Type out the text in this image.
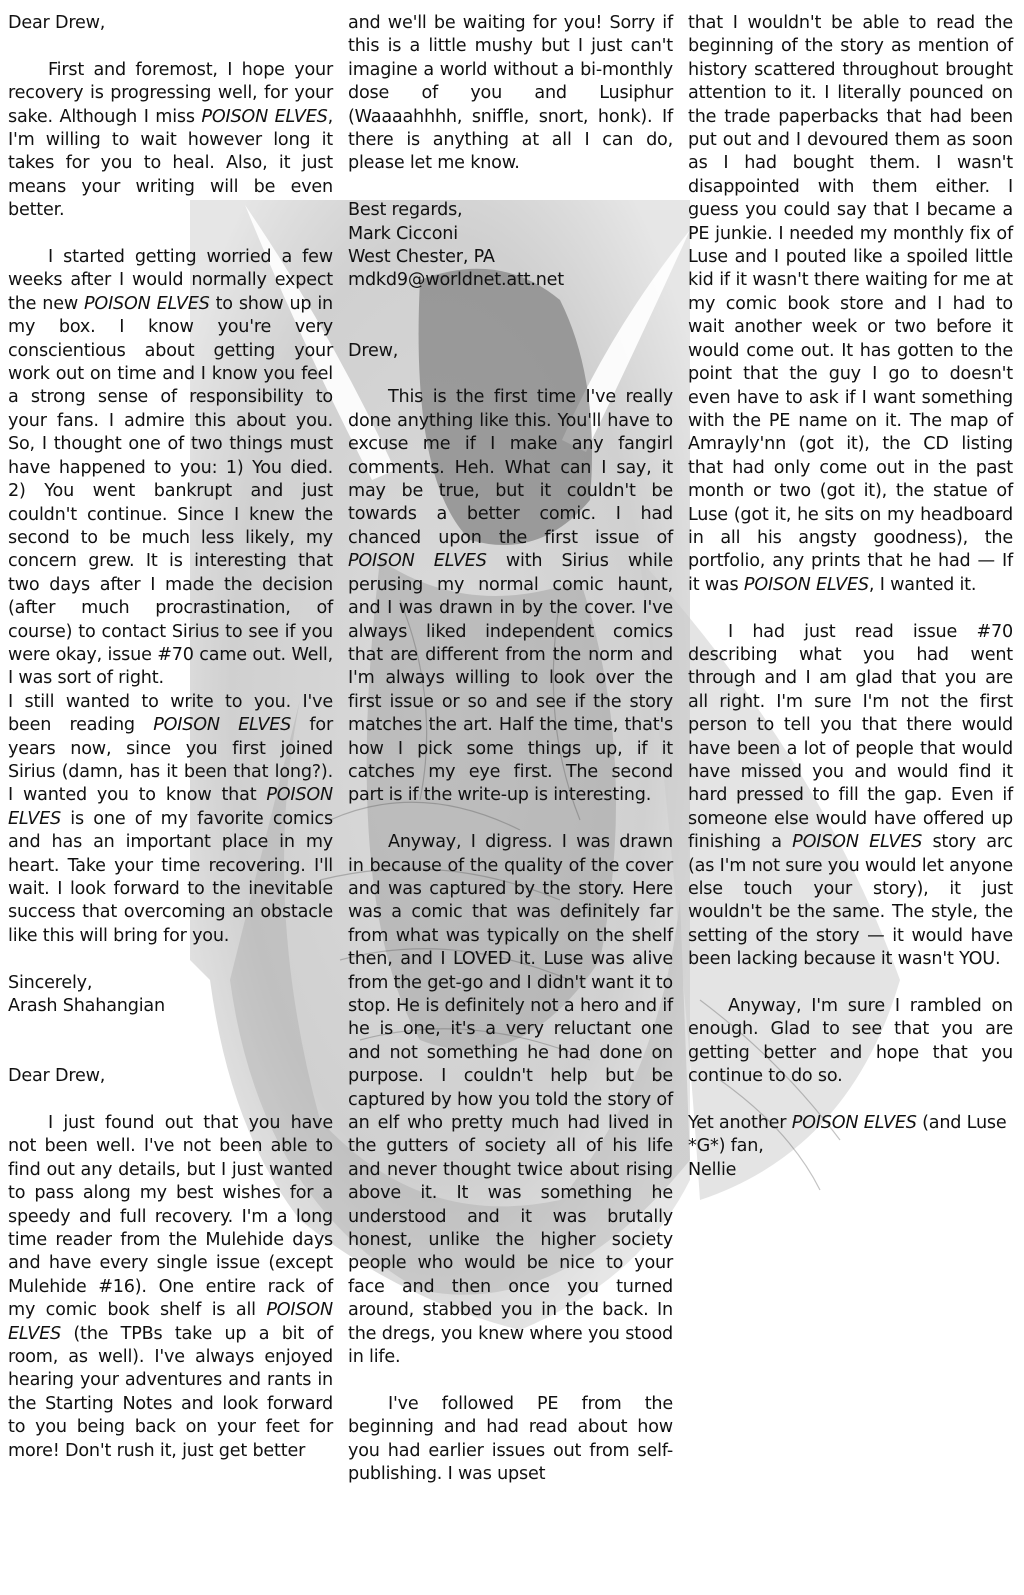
Dear Drew,

First and foremost, I hope your recovery is progressing well, for your sake. Although I miss POISON ELVES, I'm willing to wait however long it takes for you to heal. Also, it just means your writing will be even better.

I started getting worried a few weeks after I would normally expect the new POISON ELVES to show up in my box. I know you're very conscientious about getting your work out on time and I know you feel a strong sense of responsibility to your fans. I admire this about you. So, I thought one of two things must have happened to you: 1) You died. 2) You went bankrupt and just couldn't continue. Since I knew the second to be much less likely, my concern grew. It is interesting that two days after I made the decision (after much procrastination, of course) to contact Sirius to see if you were okay, issue #70 came out. Well, I was sort of right.

I still wanted to write to you. I've been reading POISON ELVES for years now, since you first joined Sirius (damn, has it been that long?). I wanted you to know that POISON ELVES is one of my favorite comics and has an important place in my heart. Take your time recovering. I'll wait. I look forward to the inevitable success that overcoming an obstacle like this will bring for you.

Sincerely,

Arash Shahangian

Dear Drew,

I just found out that you have not been well. I've not been able to find out any details, but I just wanted to pass along my best wishes for a speedy and full recovery. I'm a long time reader from the Mulehide days and have every single issue (except Mulehide #16). One entire rack of my comic book shelf is all POISON ELVES (the TPBs take up a bit of room, as well). I've always enjoyed hearing your adventures and rants in the Starting Notes and look forward to you being back on your feet for more! Don't rush it, just get better

and we'll be waiting for you! Sorry if this is a little mushy but I just can't imagine a world without a bi-monthly dose of you and Lusiphur (Waaaahhhh, sniffle, snort, honk). If there is anything at all I can do, please let me know.

Best regards,

Mark Cicconi

West Chester, PA

mdkd9@worldnet.att.net

Drew,

This is the first time I've really done anything like this. You'll have to excuse me if I make any fangirl comments. Heh. What can I say, it may be true, but it couldn't be towards a better comic. I had chanced upon the first issue of POISON ELVES with Sirius while perusing my normal comic haunt, and I was drawn in by the cover. I've always liked independent comics that are different from the norm and I'm always willing to look over the first issue or so and see if the story matches the art. Half the time, that's how I pick some things up, if it catches my eye first. The second part is if the write-up is interesting.

Anyway, I digress. I was drawn in because of the quality of the cover and was captured by the story. Here was a comic that was definitely far from what was typically on the shelf then, and I LOVED it. Luse was alive from the get-go and I didn't want it to stop. He is definitely not a hero and if he is one, it's a very reluctant one and not something he had done on purpose. I couldn't help but be captured by how you told the story of an elf who pretty much had lived in the gutters of society all of his life and never thought twice about rising above it. It was something he understood and it was brutally honest, unlike the higher society people who would be nice to your face and then once you turned around, stabbed you in the back. In the dregs, you knew where you stood in life.

I've followed PE from the beginning and had read about how you had earlier issues out from self-publishing. I was upset

that I wouldn't be able to read the beginning of the story as mention of history scattered throughout brought attention to it. I literally pounced on the trade paperbacks that had been put out and I devoured them as soon as I had bought them. I wasn't disappointed with them either. I guess you could say that I became a PE junkie. I needed my monthly fix of Luse and I pouted like a spoiled little kid if it wasn't there waiting for me at my comic book store and I had to wait another week or two before it would come out. It has gotten to the point that the guy I go to doesn't even have to ask if I want something with the PE name on it. The map of Amrayly'nn (got it), the CD listing that had only come out in the past month or two (got it), the statue of Luse (got it, he sits on my headboard in all his angsty goodness), the portfolio, any prints that he had — If it was POISON ELVES, I wanted it.

I had just read issue #70 describing what you had went through and I am glad that you are all right. I'm sure I'm not the first person to tell you that there would have been a lot of people that would have missed you and would find it hard pressed to fill the gap. Even if someone else would have offered up finishing a POISON ELVES story arc (as I'm not sure you would let anyone else touch your story), it just wouldn't be the same. The style, the setting of the story — it would have been lacking because it wasn't YOU.

Anyway, I'm sure I rambled on enough. Glad to see that you are getting better and hope that you continue to do so.

Yet another POISON ELVES (and Luse *G*) fan,

Nellie
